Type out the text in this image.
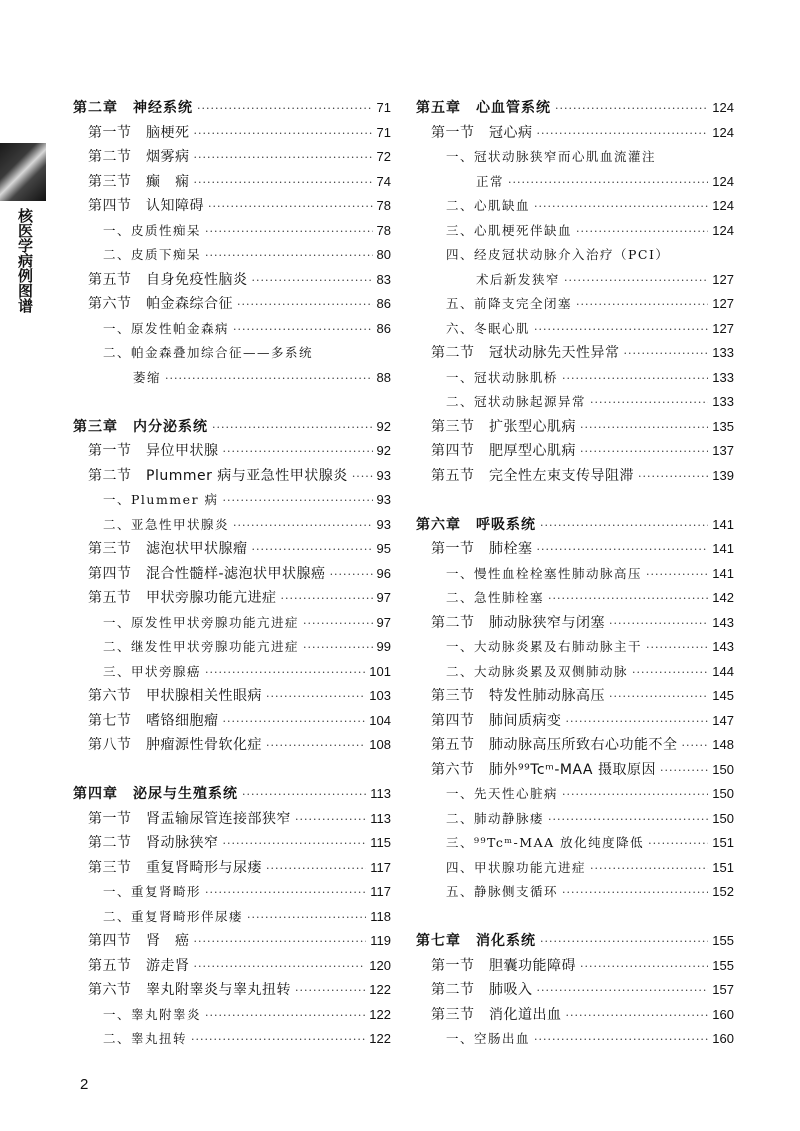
核医学病例图谱
第二章　神经系统 ·····	71
第一节　脑梗死 ·····	71
第二节　烟雾病 ·····	72
第三节　癫　痫 ·····	74
第四节　认知障碍 ·····	78
一、皮质性痴呆 ·····	78
二、皮质下痴呆 ·····	80
第五节　自身免疫性脑炎 ·····	83
第六节　帕金森综合征 ·····	86
一、原发性帕金森病 ·····	86
二、帕金森叠加综合征——多系统
萎缩 ·····	88
第三章　内分泌系统 ·····	92
第一节　异位甲状腺 ·····	92
第二节　Plummer 病与亚急性甲状腺炎 ····· 93
一、Plummer 病 ·····	93
二、亚急性甲状腺炎 ·····	93
第三节　滤泡状甲状腺瘤 ·····	95
第四节　混合性髓样-滤泡状甲状腺癌 ·····	96
第五节　甲状旁腺功能亢进症 ·····	97
一、原发性甲状旁腺功能亢进症 ·····	97
二、继发性甲状旁腺功能亢进症 ·····	99
三、甲状旁腺癌 ·····	101
第六节　甲状腺相关性眼病 ·····	103
第七节　嗜铬细胞瘤 ·····	104
第八节　肿瘤源性骨软化症 ·····	108
第四章　泌尿与生殖系统 ·····	113
第一节　肾盂输尿管连接部狭窄 ·····	113
第二节　肾动脉狭窄 ·····	115
第三节　重复肾畸形与尿瘘 ·····	117
一、重复肾畸形 ·····	117
二、重复肾畸形伴尿瘘 ·····	118
第四节　肾　癌 ·····	119
第五节　游走肾 ·····	120
第六节　睾丸附睾炎与睾丸扭转 ·····	122
一、睾丸附睾炎 ·····	122
二、睾丸扭转 ·····	122
第五章　心血管系统 ·····	124
第一节　冠心病 ·····	124
一、冠状动脉狭窄而心肌血流灌注
正常 ·····	124
二、心肌缺血 ·····	124
三、心肌梗死伴缺血 ·····	124
四、经皮冠状动脉介入治疗（PCI）
术后新发狭窄 ·····	127
五、前降支完全闭塞 ·····	127
六、冬眠心肌 ·····	127
第二节　冠状动脉先天性异常 ·····	133
一、冠状动脉肌桥 ·····	133
二、冠状动脉起源异常 ·····	133
第三节　扩张型心肌病 ·····	135
第四节　肥厚型心肌病 ·····	137
第五节　完全性左束支传导阻滞 ·····	139
第六章　呼吸系统 ·····	141
第一节　肺栓塞 ·····	141
一、慢性血栓栓塞性肺动脉高压 ·····	141
二、急性肺栓塞 ·····	142
第二节　肺动脉狭窄与闭塞 ·····	143
一、大动脉炎累及右肺动脉主干 ·····	143
二、大动脉炎累及双侧肺动脉 ·····	144
第三节　特发性肺动脉高压 ·····	145
第四节　肺间质病变 ·····	147
第五节　肺动脉高压所致右心功能不全 ·····	148
第六节　肺外⁹⁹Tcᵐ-MAA 摄取原因 ·····	150
一、先天性心脏病 ·····	150
二、肺动静脉瘘 ·····	150
三、⁹⁹Tcᵐ-MAA 放化纯度降低 ·····	151
四、甲状腺功能亢进症 ·····	151
五、静脉侧支循环 ·····	152
第七章　消化系统 ·····	155
第一节　胆囊功能障碍 ·····	155
第二节　肺吸入 ·····	157
第三节　消化道出血 ·····	160
一、空肠出血 ·····	160
2
